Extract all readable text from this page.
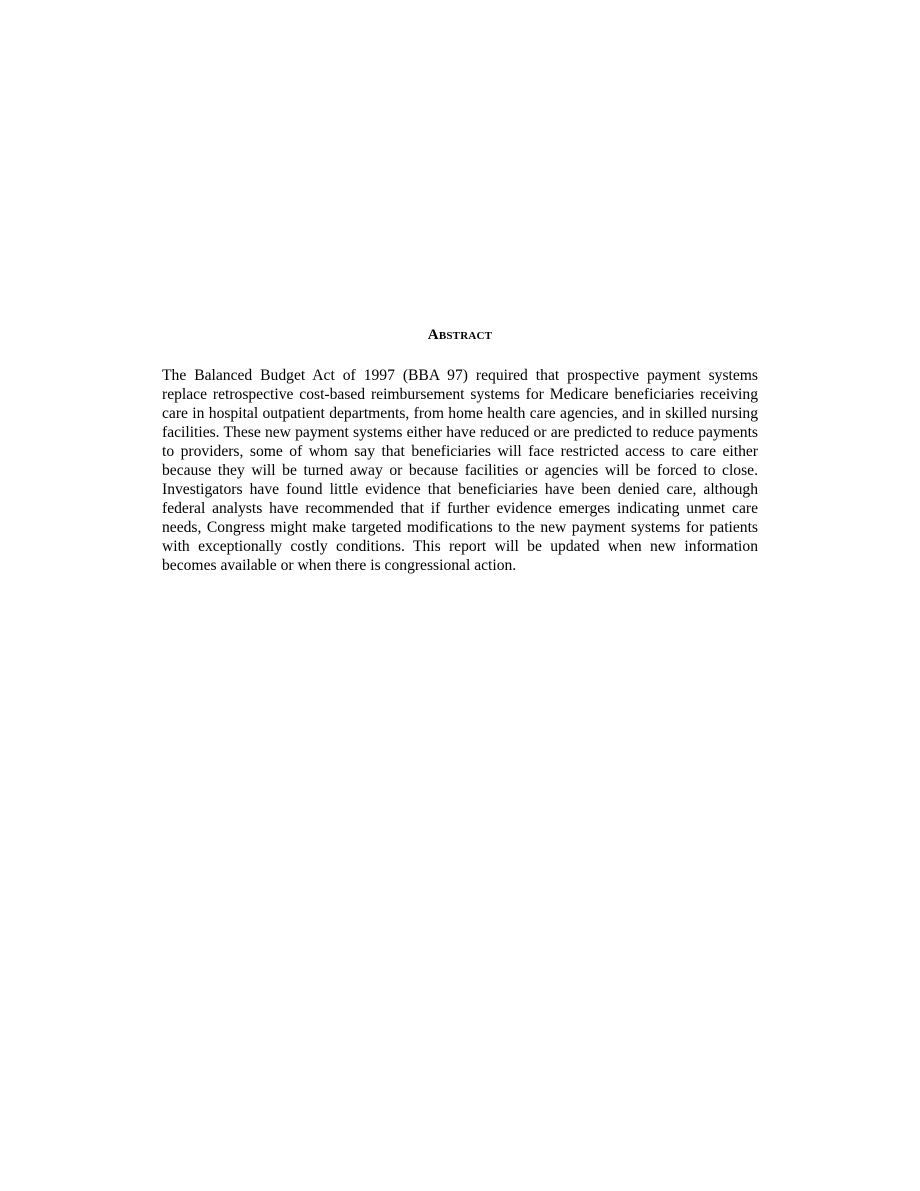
Abstract

The Balanced Budget Act of 1997 (BBA 97) required that prospective payment systems replace retrospective cost-based reimbursement systems for Medicare beneficiaries receiving care in hospital outpatient departments, from home health care agencies, and in skilled nursing facilities. These new payment systems either have reduced or are predicted to reduce payments to providers, some of whom say that beneficiaries will face restricted access to care either because they will be turned away or because facilities or agencies will be forced to close. Investigators have found little evidence that beneficiaries have been denied care, although federal analysts have recommended that if further evidence emerges indicating unmet care needs, Congress might make targeted modifications to the new payment systems for patients with exceptionally costly conditions. This report will be updated when new information becomes available or when there is congressional action.
